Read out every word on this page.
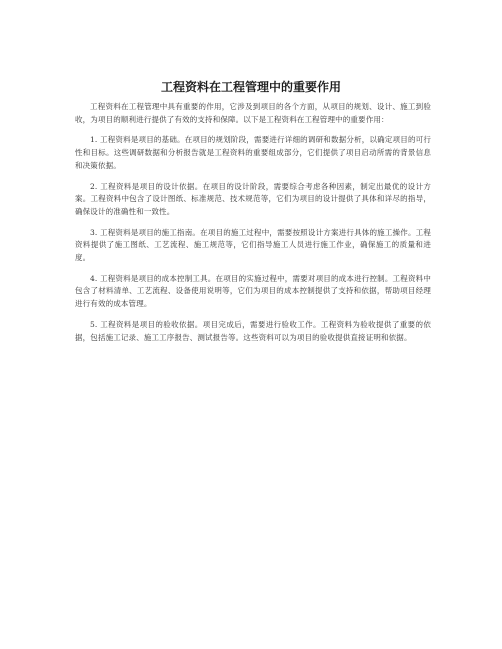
工程资料在工程管理中的重要作用

工程资料在工程管理中具有重要的作用，它涉及到项目的各个方面，从项目的规划、设计、施工到验收，为项目的顺利进行提供了有效的支持和保障。以下是工程资料在工程管理中的重要作用：

1. 工程资料是项目的基础。在项目的规划阶段，需要进行详细的调研和数据分析，以确定项目的可行性和目标。这些调研数据和分析报告就是工程资料的重要组成部分，它们提供了项目启动所需的背景信息和决策依据。

2. 工程资料是项目的设计依据。在项目的设计阶段，需要综合考虑各种因素，制定出最优的设计方案。工程资料中包含了设计图纸、标准规范、技术规范等，它们为项目的设计提供了具体和详尽的指导，确保设计的准确性和一致性。

3. 工程资料是项目的施工指南。在项目的施工过程中，需要按照设计方案进行具体的施工操作。工程资料提供了施工图纸、工艺流程、施工规范等，它们指导施工人员进行施工作业，确保施工的质量和进度。

4. 工程资料是项目的成本控制工具。在项目的实施过程中，需要对项目的成本进行控制。工程资料中包含了材料清单、工艺流程、设备使用说明等，它们为项目的成本控制提供了支持和依据，帮助项目经理进行有效的成本管理。

5. 工程资料是项目的验收依据。项目完成后，需要进行验收工作。工程资料为验收提供了重要的依据，包括施工记录、施工工序报告、测试报告等。这些资料可以为项目的验收提供直接证明和依据。
